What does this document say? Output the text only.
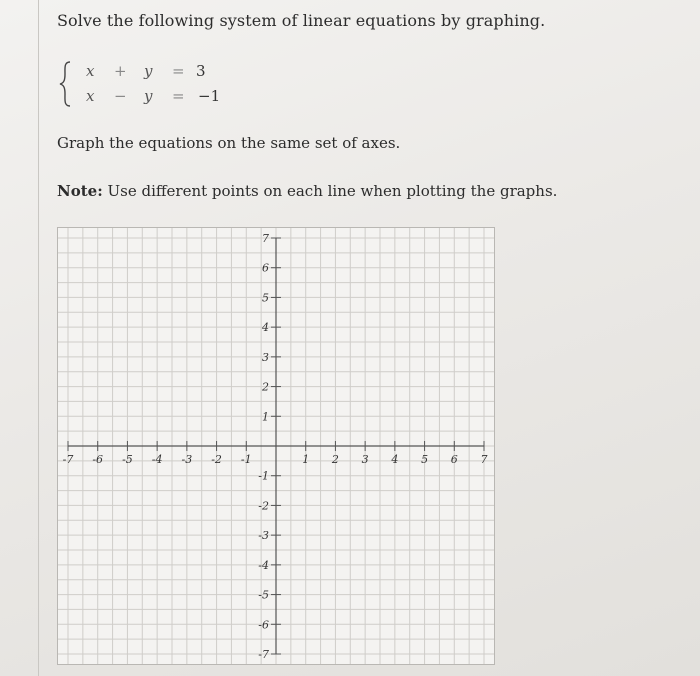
Solve the following system of linear equations by graphing.
x + y = 3
x − y = −1
Graph the equations on the same set of axes.
Note: Use different points on each line when plotting the graphs.
-7 -6 -5 -4 -3 -2 -1	1 2 3 4 5 6 7
7
6
5
4
3
2
1
-1
-2
-3
-4
-5
-6
-7
